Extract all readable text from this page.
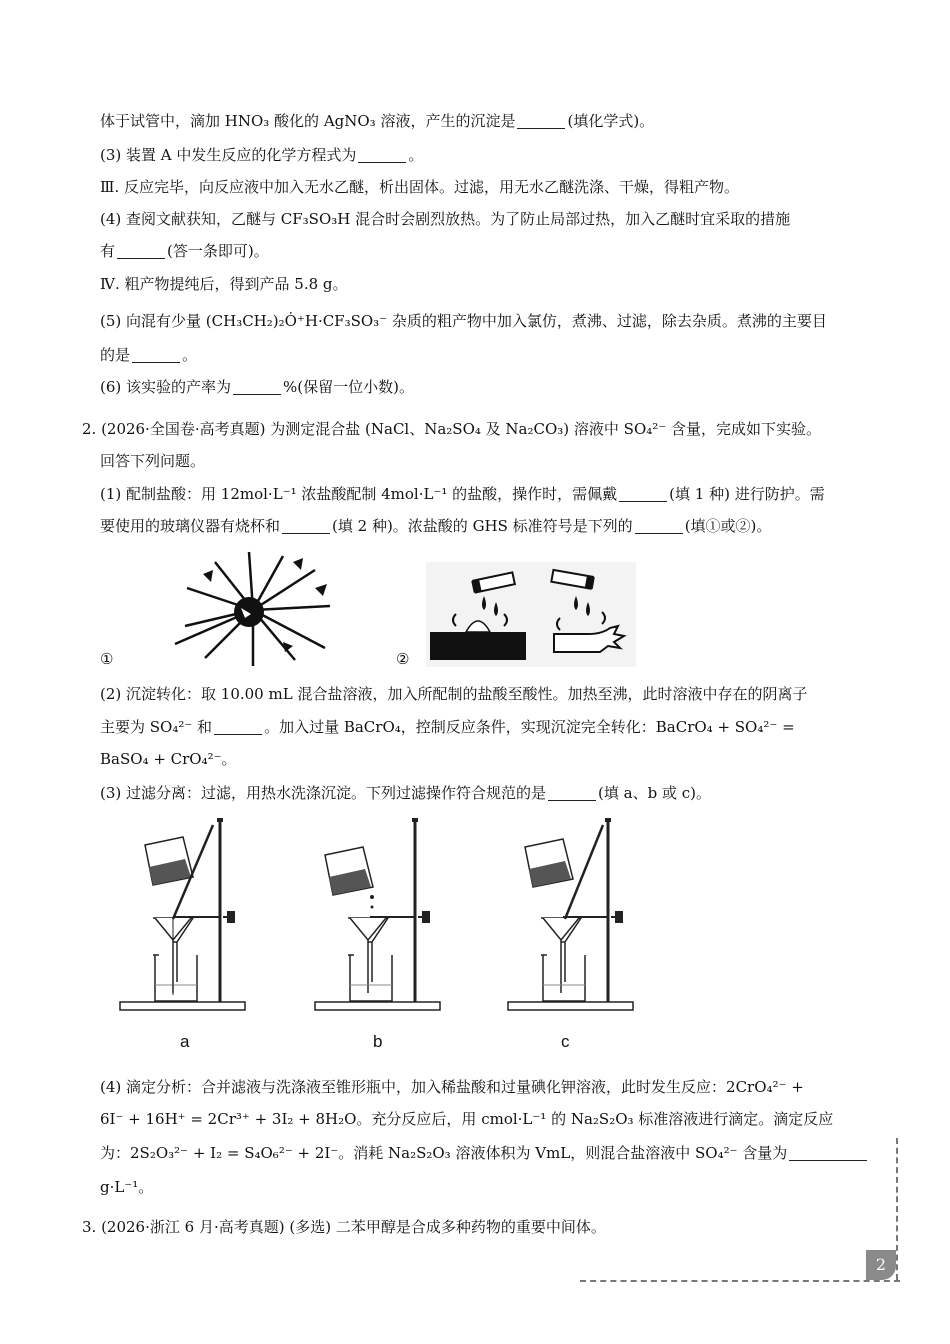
体于试管中，滴加 HNO₃ 酸化的 AgNO₃ 溶液，产生的沉淀是	(填化学式)。
(3) 装置 A 中发生反应的化学方程式为	。
Ⅲ. 反应完毕，向反应液中加入无水乙醚，析出固体。过滤，用无水乙醚洗涤、干燥，得粗产物。
(4) 查阅文献获知，乙醚与 CF₃SO₃H 混合时会剧烈放热。为了防止局部过热，加入乙醚时宜采取的措施
有	(答一条即可)。
Ⅳ. 粗产物提纯后，得到产品 5.8 g。
(5) 向混有少量 (CH₃CH₂)₂Ȯ⁺H·CF₃SO₃⁻ 杂质的粗产物中加入氯仿，煮沸、过滤，除去杂质。煮沸的主要目
的是	。
(6) 该实验的产率为	%(保留一位小数)。
2. (2026·全国卷·高考真题) 为测定混合盐 (NaCl、Na₂SO₄ 及 Na₂CO₃) 溶液中 SO₄²⁻ 含量，完成如下实验。
回答下列问题。
(1) 配制盐酸：用 12mol·L⁻¹ 浓盐酸配制 4mol·L⁻¹ 的盐酸，操作时，需佩戴	(填 1 种) 进行防护。需
要使用的玻璃仪器有烧杯和	(填 2 种)。浓盐酸的 GHS 标准符号是下列的	(填①或②)。
①	②
(2) 沉淀转化：取 10.00 mL 混合盐溶液，加入所配制的盐酸至酸性。加热至沸，此时溶液中存在的阴离子
主要为 SO₄²⁻ 和	。加入过量 BaCrO₄，控制反应条件，实现沉淀完全转化：BaCrO₄ + SO₄²⁻ =
BaSO₄ + CrO₄²⁻。
(3) 过滤分离：过滤，用热水洗涤沉淀。下列过滤操作符合规范的是	(填 a、b 或 c)。
a	b	c
(4) 滴定分析：合并滤液与洗涤液至锥形瓶中，加入稀盐酸和过量碘化钾溶液，此时发生反应：2CrO₄²⁻ +
6I⁻ + 16H⁺ = 2Cr³⁺ + 3I₂ + 8H₂O。充分反应后，用 cmol·L⁻¹ 的 Na₂S₂O₃ 标准溶液进行滴定。滴定反应
为：2S₂O₃²⁻ + I₂ = S₄O₆²⁻ + 2I⁻。消耗 Na₂S₂O₃ 溶液体积为 VmL，则混合盐溶液中 SO₄²⁻ 含量为
g·L⁻¹。
3. (2026·浙江 6 月·高考真题) (多选) 二苯甲醇是合成多种药物的重要中间体。
2
